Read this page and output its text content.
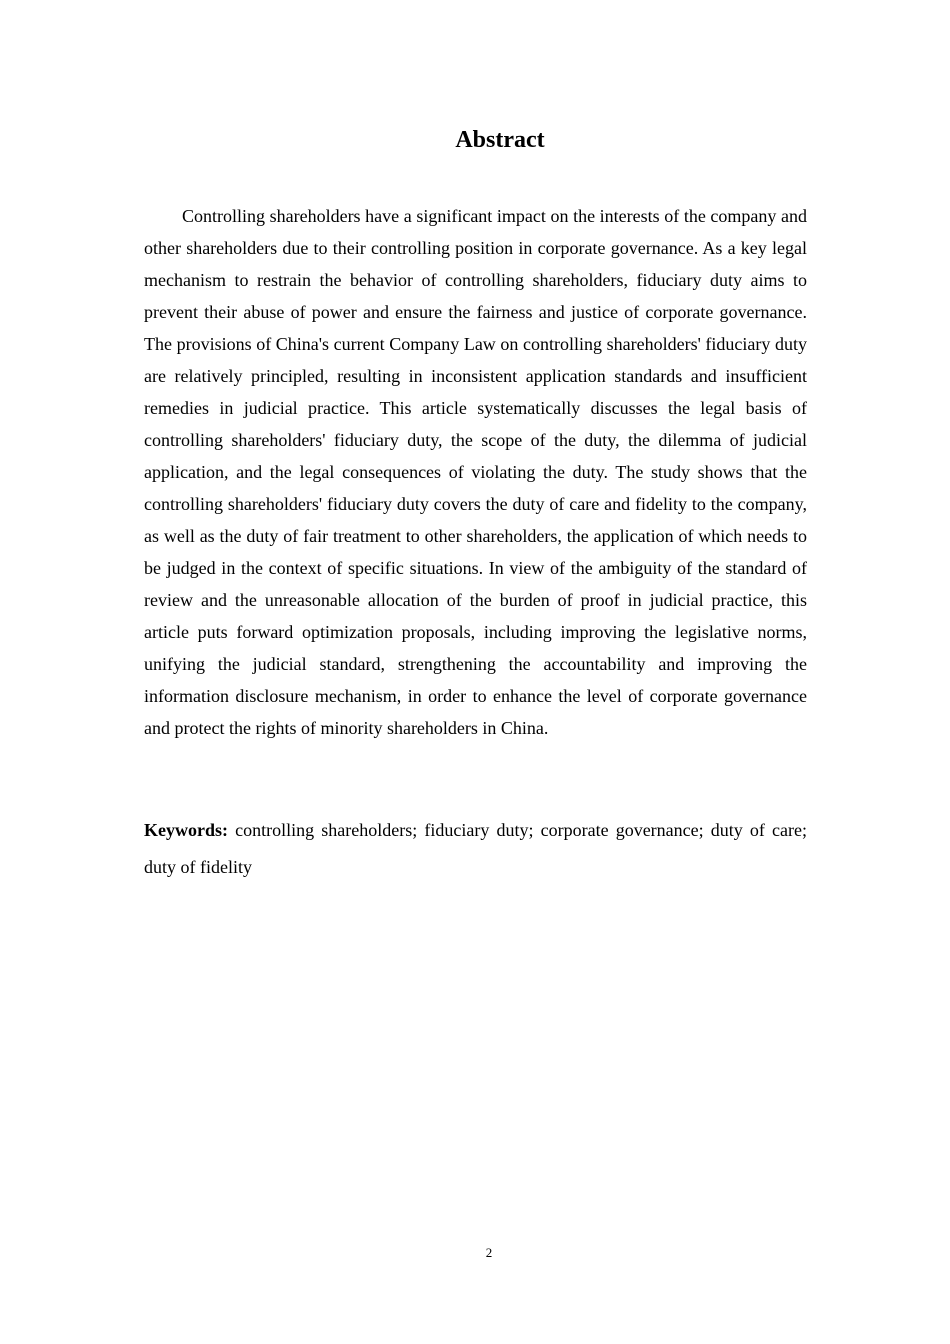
Abstract

Controlling shareholders have a significant impact on the interests of the company and other shareholders due to their controlling position in corporate governance. As a key legal mechanism to restrain the behavior of controlling shareholders, fiduciary duty aims to prevent their abuse of power and ensure the fairness and justice of corporate governance. The provisions of China's current Company Law on controlling shareholders' fiduciary duty are relatively principled, resulting in inconsistent application standards and insufficient remedies in judicial practice. This article systematically discusses the legal basis of controlling shareholders' fiduciary duty, the scope of the duty, the dilemma of judicial application, and the legal consequences of violating the duty. The study shows that the controlling shareholders' fiduciary duty covers the duty of care and fidelity to the company, as well as the duty of fair treatment to other shareholders, the application of which needs to be judged in the context of specific situations. In view of the ambiguity of the standard of review and the unreasonable allocation of the burden of proof in judicial practice, this article puts forward optimization proposals, including improving the legislative norms, unifying the judicial standard, strengthening the accountability and improving the information disclosure mechanism, in order to enhance the level of corporate governance and protect the rights of minority shareholders in China.

Keywords: controlling shareholders; fiduciary duty; corporate governance; duty of care; duty of fidelity

2
